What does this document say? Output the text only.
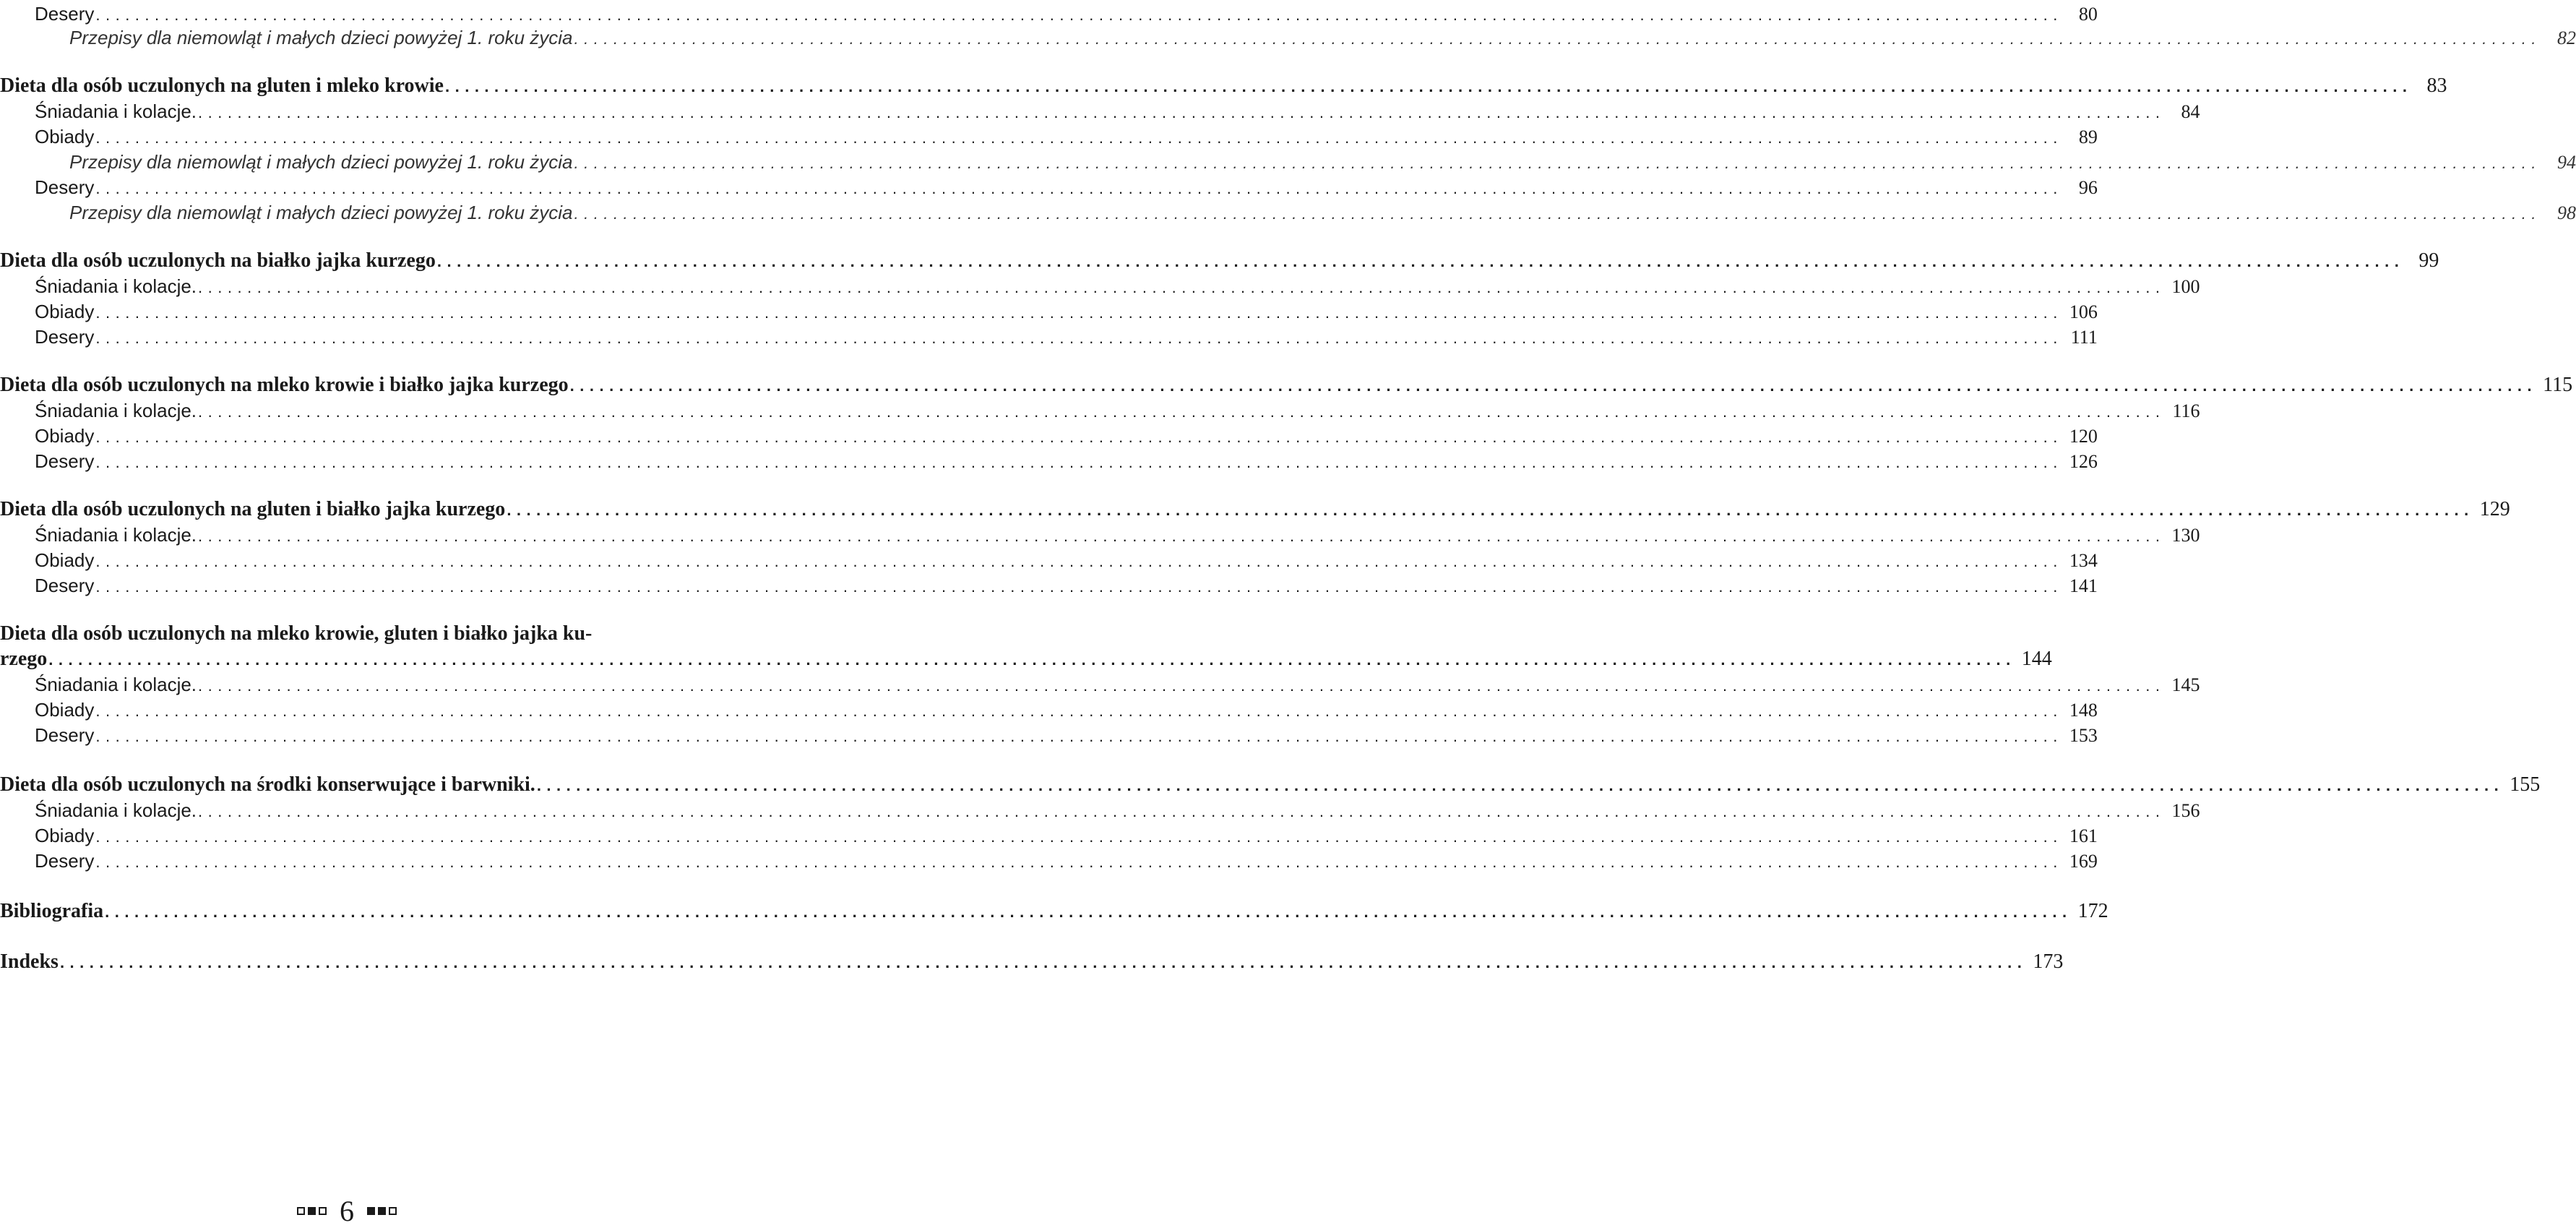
Desery ........................................................................................................................................................................................................ 80
Przepisy dla niemowląt i małych dzieci powyżej 1. roku życia ........................................................................................................................................................................................................ 82
Dieta dla osób uczulonych na gluten i mleko krowie ........................................................................................................................................................................................................ 83
Śniadania i kolacje. ........................................................................................................................................................................................................ 84
Obiady ........................................................................................................................................................................................................ 89
Przepisy dla niemowląt i małych dzieci powyżej 1. roku życia ........................................................................................................................................................................................................ 94
Desery ........................................................................................................................................................................................................ 96
Przepisy dla niemowląt i małych dzieci powyżej 1. roku życia ........................................................................................................................................................................................................ 98
Dieta dla osób uczulonych na białko jajka kurzego ........................................................................................................................................................................................................ 99
Śniadania i kolacje. ........................................................................................................................................................................................................ 100
Obiady ........................................................................................................................................................................................................ 106
Desery ........................................................................................................................................................................................................ 111
Dieta dla osób uczulonych na mleko krowie i białko jajka kurzego ........................................................................................................................................................................................................ 115
Śniadania i kolacje. ........................................................................................................................................................................................................ 116
Obiady ........................................................................................................................................................................................................ 120
Desery ........................................................................................................................................................................................................ 126
Dieta dla osób uczulonych na gluten i białko jajka kurzego ........................................................................................................................................................................................................ 129
Śniadania i kolacje. ........................................................................................................................................................................................................ 130
Obiady ........................................................................................................................................................................................................ 134
Desery ........................................................................................................................................................................................................ 141
Dieta dla osób uczulonych na mleko krowie, gluten i białko jajka ku-
rzego ........................................................................................................................................................................................................ 144
Śniadania i kolacje. ........................................................................................................................................................................................................ 145
Obiady ........................................................................................................................................................................................................ 148
Desery ........................................................................................................................................................................................................ 153
Dieta dla osób uczulonych na środki konserwujące i barwniki. ........................................................................................................................................................................................................ 155
Śniadania i kolacje. ........................................................................................................................................................................................................ 156
Obiady ........................................................................................................................................................................................................ 161
Desery ........................................................................................................................................................................................................ 169
Bibliografia ........................................................................................................................................................................................................ 172
Indeks ........................................................................................................................................................................................................ 173
6
